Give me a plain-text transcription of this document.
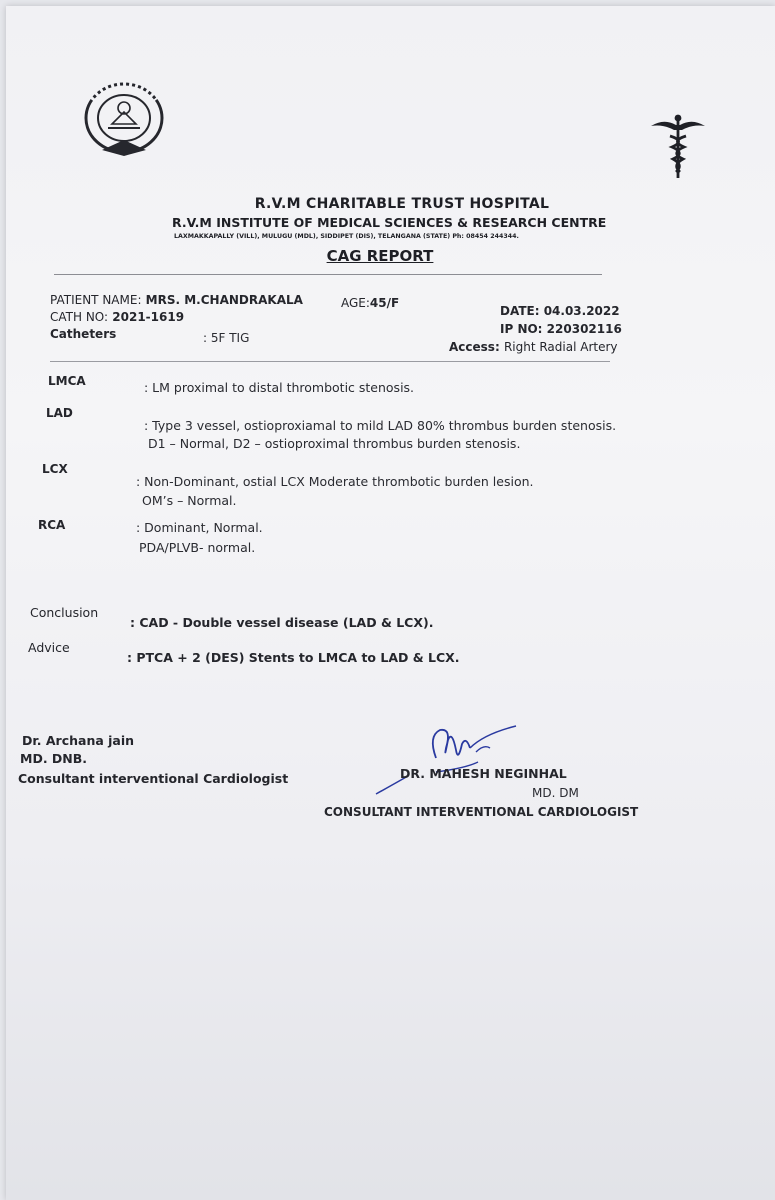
R.V.M CHARITABLE TRUST HOSPITAL
R.V.M INSTITUTE OF MEDICAL SCIENCES & RESEARCH CENTRE
LAXMAKKAPALLY (VILL), MULUGU (MDL), SIDDIPET (DIS), TELANGANA (STATE) Ph: 08454 244344.
CAG REPORT
PATIENT NAME: MRS. M.CHANDRAKALA	AGE:45/F
DATE: 04.03.2022
CATH NO: 2021-1619
IP NO: 220302116
Catheters	: 5F TIG
Access: Right Radial Artery
LMCA	: LM proximal to distal thrombotic stenosis.
LAD
: Type 3 vessel, ostioproxiamal to mild LAD 80% thrombus burden stenosis.
D1 – Normal, D2 – ostioproximal thrombus burden stenosis.
LCX
: Non-Dominant, ostial LCX Moderate thrombotic burden lesion.
OM’s – Normal.
RCA	: Dominant, Normal.
PDA/PLVB- normal.
Conclusion
: CAD - Double vessel disease (LAD & LCX).
Advice
: PTCA + 2 (DES) Stents to LMCA to LAD & LCX.
Dr. Archana jain
MD. DNB.
Consultant interventional Cardiologist	DR. MAHESH NEGINHAL
MD. DM
CONSULTANT INTERVENTIONAL CARDIOLOGIST
